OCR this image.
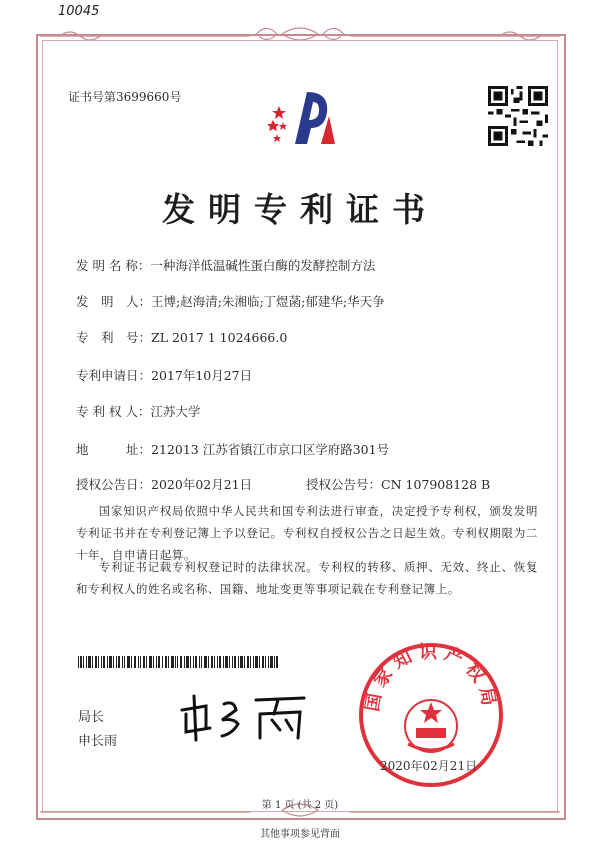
10045
证书号第3699660号
发明专利证书
发 明 名 称：一种海洋低温碱性蛋白酶的发酵控制方法
发　明　人：王博;赵海清;朱湘临;丁煜菡;郁建华;华天争
专　利　号：ZL 2017 1 1024666.0
专利申请日：2017年10月27日
专 利 权 人：江苏大学
地　　　址：212013 江苏省镇江市京口区学府路301号
授权公告日：2020年02月21日	授权公告号：CN 107908128 B
国家知识产权局依照中华人民共和国专利法进行审查，决定授予专利权，颁发发明专利证书并在专利登记簿上予以登记。专利权自授权公告之日起生效。专利权期限为二十年，自申请日起算。
专利证书记载专利权登记时的法律状况。专利权的转移、质押、无效、终止、恢复和专利权人的姓名或名称、国籍、地址变更等事项记载在专利登记簿上。
国家知识产权局
局长
申长雨
2020年02月21日
第 1 页 (共 2 页)
其他事项参见背面
